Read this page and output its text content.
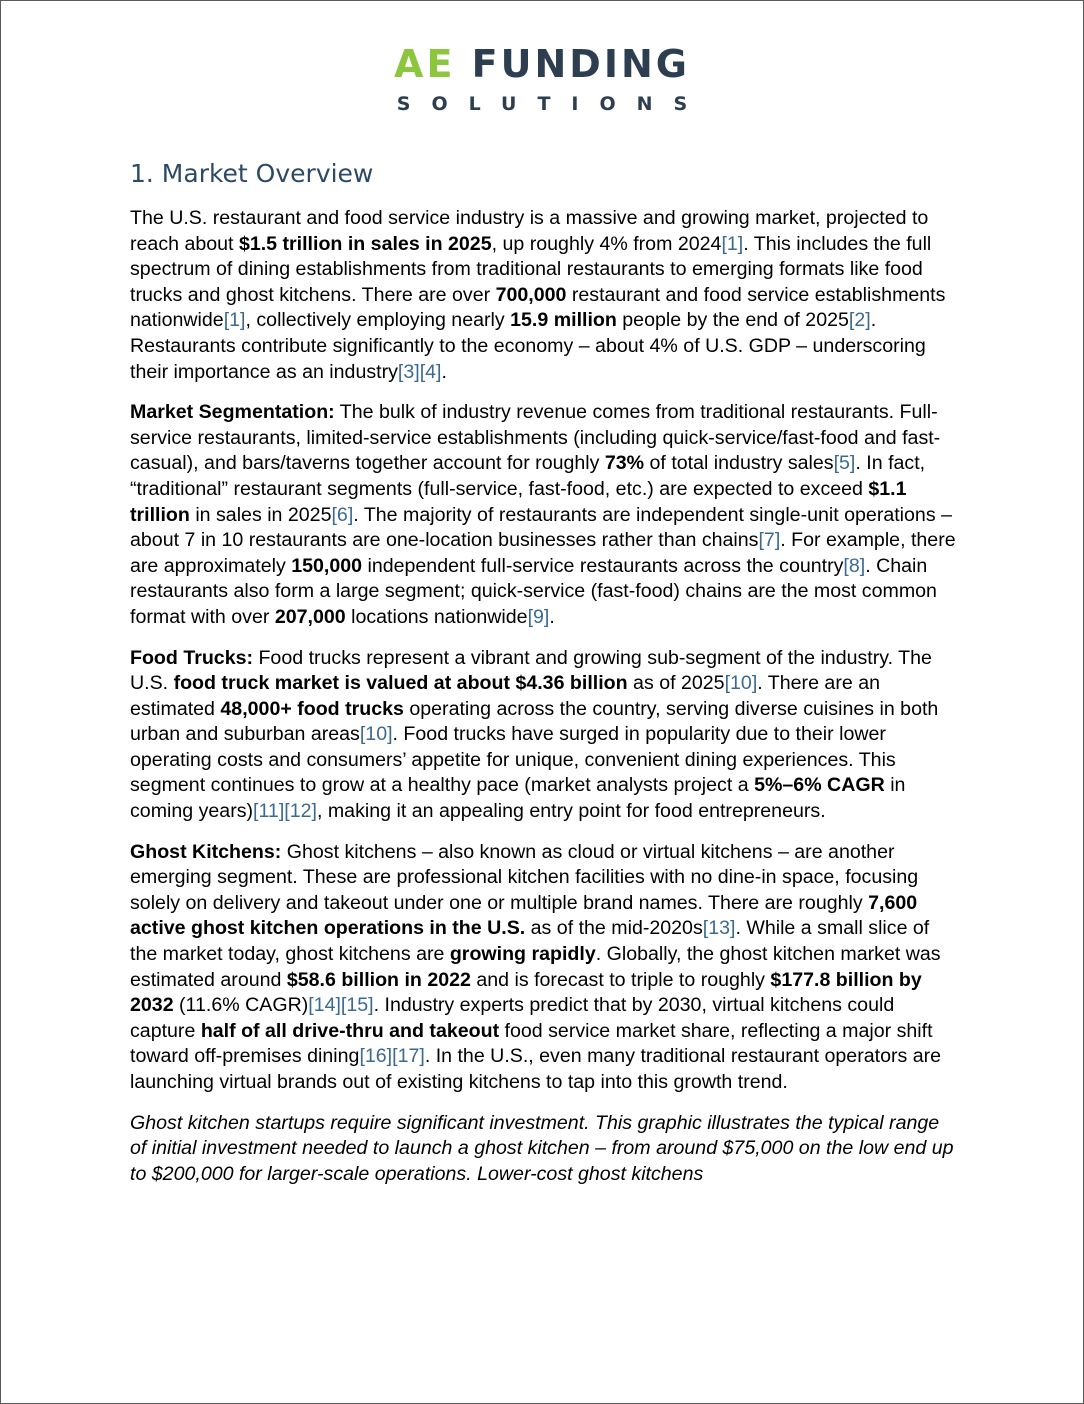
AE FUNDING
SOLUTIONS
1. Market Overview

The U.S. restaurant and food service industry is a massive and growing market, projected to reach about $1.5 trillion in sales in 2025, up roughly 4% from 2024[1]. This includes the full spectrum of dining establishments from traditional restaurants to emerging formats like food trucks and ghost kitchens. There are over 700,000 restaurant and food service establishments nationwide[1], collectively employing nearly 15.9 million people by the end of 2025[2]. Restaurants contribute significantly to the economy – about 4% of U.S. GDP – underscoring their importance as an industry[3][4].

Market Segmentation: The bulk of industry revenue comes from traditional restaurants. Full-service restaurants, limited-service establishments (including quick-service/fast-food and fast-casual), and bars/taverns together account for roughly 73% of total industry sales[5]. In fact, “traditional” restaurant segments (full-service, fast-food, etc.) are expected to exceed $1.1 trillion in sales in 2025[6]. The majority of restaurants are independent single-unit operations – about 7 in 10 restaurants are one-location businesses rather than chains[7]. For example, there are approximately 150,000 independent full-service restaurants across the country[8]. Chain restaurants also form a large segment; quick-service (fast-food) chains are the most common format with over 207,000 locations nationwide[9].

Food Trucks: Food trucks represent a vibrant and growing sub-segment of the industry. The U.S. food truck market is valued at about $4.36 billion as of 2025[10]. There are an estimated 48,000+ food trucks operating across the country, serving diverse cuisines in both urban and suburban areas[10]. Food trucks have surged in popularity due to their lower operating costs and consumers’ appetite for unique, convenient dining experiences. This segment continues to grow at a healthy pace (market analysts project a 5%–6% CAGR in coming years)[11][12], making it an appealing entry point for food entrepreneurs.

Ghost Kitchens: Ghost kitchens – also known as cloud or virtual kitchens – are another emerging segment. These are professional kitchen facilities with no dine-in space, focusing solely on delivery and takeout under one or multiple brand names. There are roughly 7,600 active ghost kitchen operations in the U.S. as of the mid-2020s[13]. While a small slice of the market today, ghost kitchens are growing rapidly. Globally, the ghost kitchen market was estimated around $58.6 billion in 2022 and is forecast to triple to roughly $177.8 billion by 2032 (11.6% CAGR)[14][15]. Industry experts predict that by 2030, virtual kitchens could capture half of all drive-thru and takeout food service market share, reflecting a major shift toward off-premises dining[16][17]. In the U.S., even many traditional restaurant operators are launching virtual brands out of existing kitchens to tap into this growth trend.

Ghost kitchen startups require significant investment. This graphic illustrates the typical range of initial investment needed to launch a ghost kitchen – from around $75,000 on the low end up to $200,000 for larger-scale operations. Lower-cost ghost kitchens
